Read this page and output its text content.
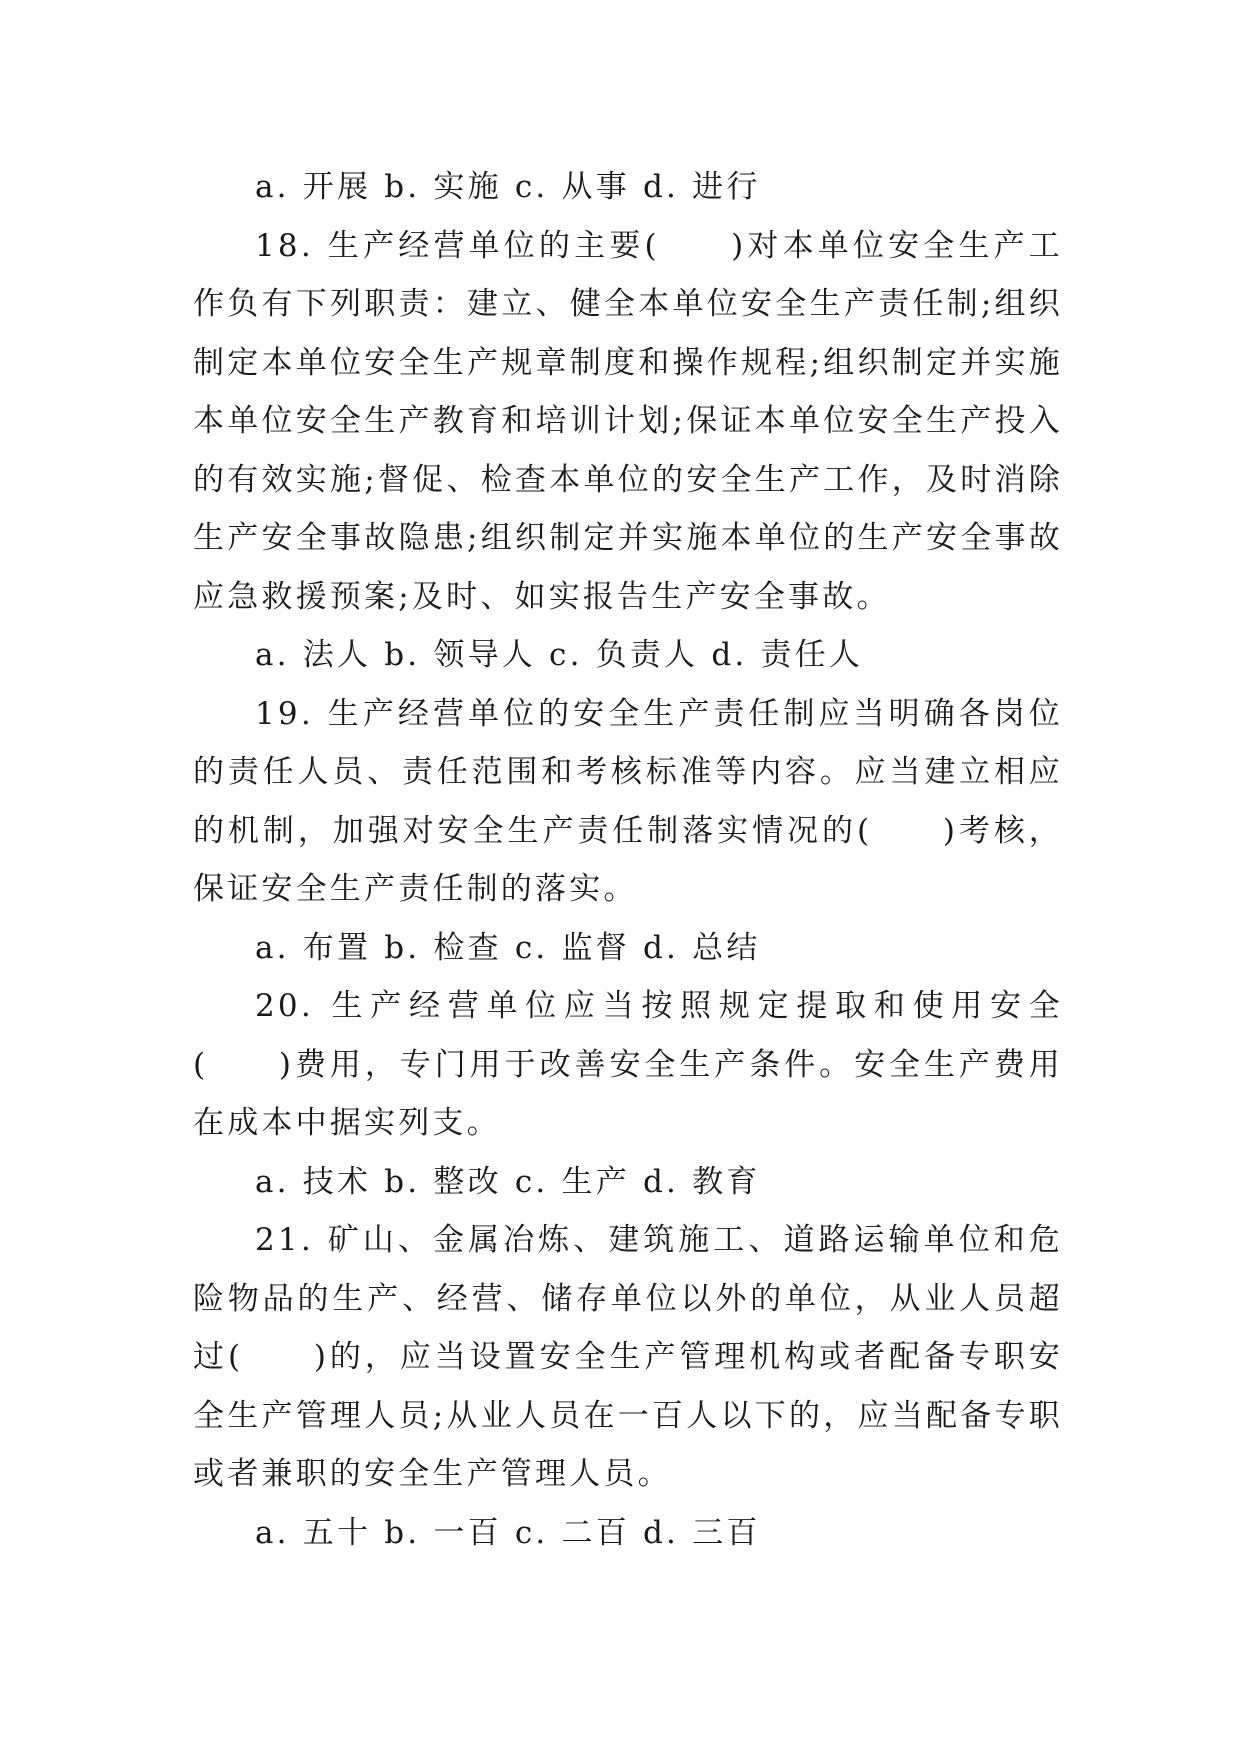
a. 开展 b. 实施 c. 从事 d. 进行

18. 生产经营单位的主要(　　)对本单位安全生产工作负有下列职责：建立、健全本单位安全生产责任制;组织制定本单位安全生产规章制度和操作规程;组织制定并实施本单位安全生产教育和培训计划;保证本单位安全生产投入的有效实施;督促、检查本单位的安全生产工作，及时消除生产安全事故隐患;组织制定并实施本单位的生产安全事故应急救援预案;及时、如实报告生产安全事故。

a. 法人 b. 领导人 c. 负责人 d. 责任人

19. 生产经营单位的安全生产责任制应当明确各岗位的责任人员、责任范围和考核标准等内容。应当建立相应的机制，加强对安全生产责任制落实情况的(　　)考核，保证安全生产责任制的落实。

a. 布置 b. 检查 c. 监督 d. 总结

20. 生产经营单位应当按照规定提取和使用安全(　　)费用，专门用于改善安全生产条件。安全生产费用在成本中据实列支。

a. 技术 b. 整改 c. 生产 d. 教育

21. 矿山、金属冶炼、建筑施工、道路运输单位和危险物品的生产、经营、储存单位以外的单位，从业人员超过(　　)的，应当设置安全生产管理机构或者配备专职安全生产管理人员;从业人员在一百人以下的，应当配备专职或者兼职的安全生产管理人员。

a. 五十 b. 一百 c. 二百 d. 三百
